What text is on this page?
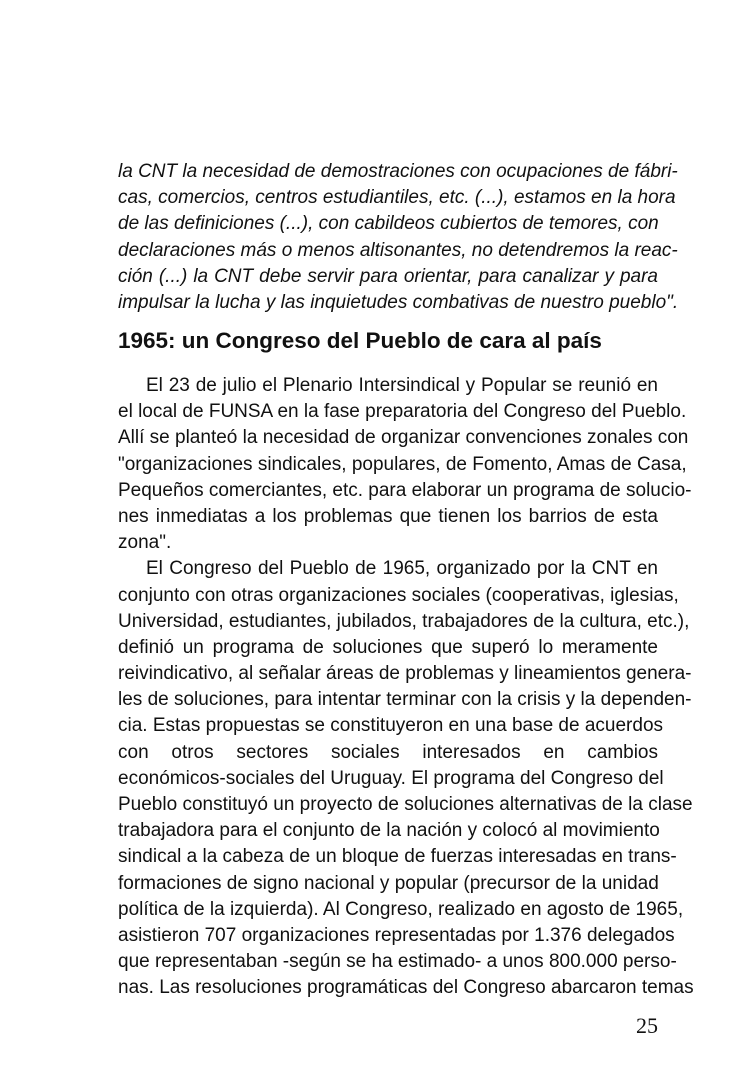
la CNT la necesidad de demostraciones con ocupaciones de fábri-
cas, comercios, centros estudiantiles, etc. (...), estamos en la hora
de las definiciones (...), con cabildeos cubiertos de temores, con
declaraciones más o menos altisonantes, no detendremos la reac-
ción (...) la CNT debe servir para orientar, para canalizar y para
impulsar la lucha y las inquietudes combativas de nuestro pueblo".
1965: un Congreso del Pueblo de cara al país
El 23 de julio el Plenario Intersindical y Popular se reunió en
el local de FUNSA en la fase preparatoria del Congreso del Pueblo.
Allí se planteó la necesidad de organizar convenciones zonales con
"organizaciones sindicales, populares, de Fomento, Amas de Casa,
Pequeños comerciantes, etc. para elaborar un programa de solucio-
nes inmediatas a los problemas que tienen los barrios de esta
zona".
El Congreso del Pueblo de 1965, organizado por la CNT en
conjunto con otras organizaciones sociales (cooperativas, iglesias,
Universidad, estudiantes, jubilados, trabajadores de la cultura, etc.),
definió un programa de soluciones que superó lo meramente
reivindicativo, al señalar áreas de problemas y lineamientos genera-
les de soluciones, para intentar terminar con la crisis y la dependen-
cia. Estas propuestas se constituyeron en una base de acuerdos
con otros sectores sociales interesados en cambios
económicos-sociales del Uruguay. El programa del Congreso del
Pueblo constituyó un proyecto de soluciones alternativas de la clase
trabajadora para el conjunto de la nación y colocó al movimiento
sindical a la cabeza de un bloque de fuerzas interesadas en trans-
formaciones de signo nacional y popular (precursor de la unidad
política de la izquierda). Al Congreso, realizado en agosto de 1965,
asistieron 707 organizaciones representadas por 1.376 delegados
que representaban -según se ha estimado- a unos 800.000 perso-
nas. Las resoluciones programáticas del Congreso abarcaron temas
25
